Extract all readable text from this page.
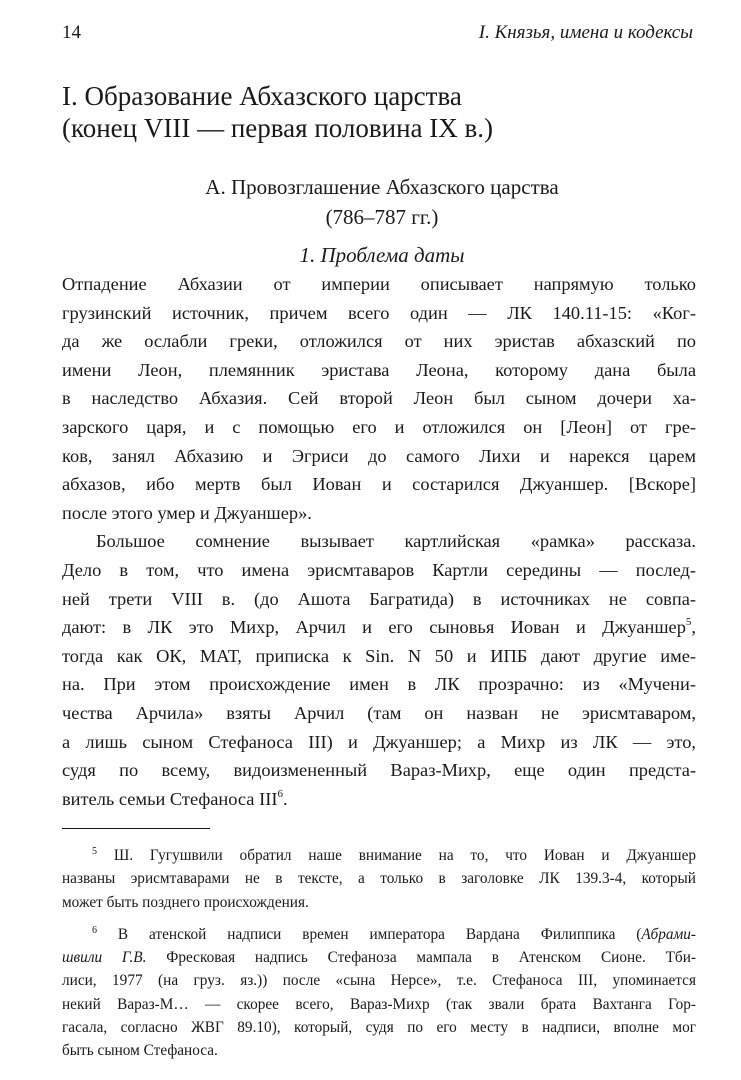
14	I. Князья, имена и кодексы
I. Образование Абхазского царства
(конец VIII — первая половина IX в.)
А. Провозглашение Абхазского царства
(786–787 гг.)
1. Проблема даты
Отпадение Абхазии от империи описывает напрямую только
грузинский источник, причем всего один — ЛК 140.11-15: «Ког-
да же ослабли греки, отложился от них эристав абхазский по
имени Леон, племянник эристава Леона, которому дана была
в наследство Абхазия. Сей второй Леон был сыном дочери ха-
зарского царя, и с помощью его и отложился он [Леон] от гре-
ков, занял Абхазию и Эгриси до самого Лихи и нарекся царем
абхазов, ибо мертв был Иован и состарился Джуаншер. [Вскоре]
после этого умер и Джуаншер».
Большое сомнение вызывает картлийская «рамка» рассказа.
Дело в том, что имена эрисмтаваров Картли середины — послед-
ней трети VIII в. (до Ашота Багратида) в источниках не совпа-
дают: в ЛК это Михр, Арчил и его сыновья Иован и Джуаншер$^5$,
тогда как ОК, МАТ, приписка к Sin. N 50 и ИПБ дают другие име-
на. При этом происхождение имен в ЛК прозрачно: из «Мучени-
чества Арчила» взяты Арчил (там он назван не эрисмтаваром,
а лишь сыном Стефаноса III) и Джуаншер; а Михр из ЛК — это,
судя по всему, видоизмененный Вараз-Михр, еще один предста-
витель семьи Стефаноса III$^6$.
$^5$ Ш. Гугушвили обратил наше внимание на то, что Иован и Джуаншер
названы эрисмтаварами не в тексте, а только в заголовке ЛК 139.3-4, который
может быть позднего происхождения.
$^6$ В атенской надписи времен императора Вардана Филиппика (Абрами-
швили Г.В. Фресковая надпись Стефаноза мампала в Атенском Сионе. Тби-
лиси, 1977 (на груз. яз.)) после «сына Нерсе», т.е. Стефаноса III, упоминается
некий Вараз-М… — скорее всего, Вараз-Михр (так звали брата Вахтанга Гор-
гасала, согласно ЖВГ 89.10), который, судя по его месту в надписи, вполне мог
быть сыном Стефаноса.
